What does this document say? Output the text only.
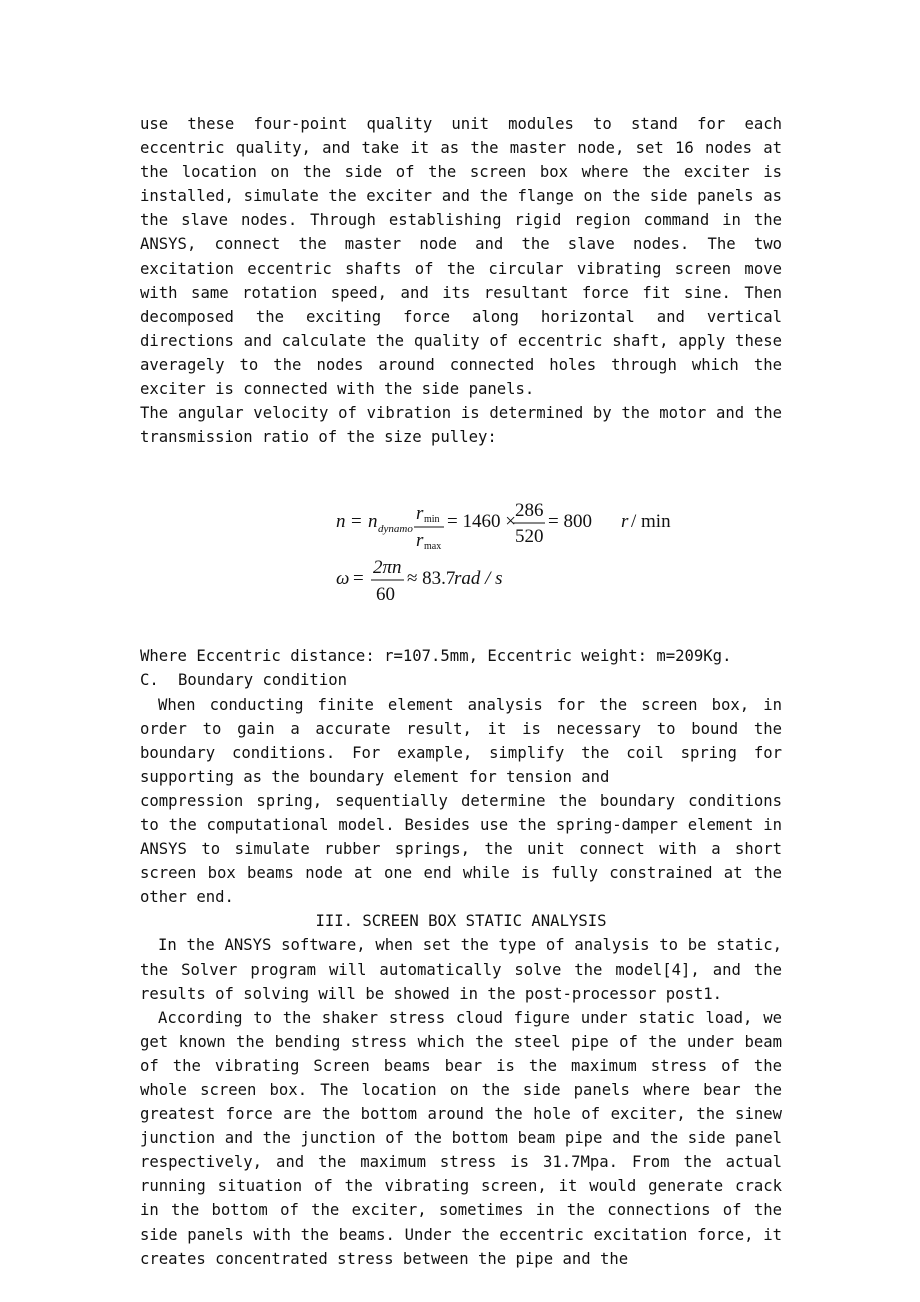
use these four-point quality unit modules to stand for each eccentric quality, and take it as the master node, set 16 nodes at the location on the side of the screen box where the exciter is installed, simulate the exciter and the flange on the side panels as the slave nodes. Through establishing rigid region command in the ANSYS, connect the master node and the slave nodes. The two excitation eccentric shafts of the circular vibrating screen move with same rotation speed, and its resultant force fit sine. Then decomposed the exciting force along horizontal and vertical directions and calculate the quality of eccentric shaft, apply these averagely to the nodes around connected holes through which the exciter is connected with the side panels.

The angular velocity of vibration is determined by the motor and the transmission ratio of the size pulley:

n = n dynamo
r min
r max
= 1460 ×
286
520
= 800 r / min
ω =
2πn
60
≈ 83.7
rad / s

Where Eccentric distance: r=107.5mm, Eccentric weight: m=209Kg.

C. Boundary condition

When conducting finite element analysis for the screen box, in order to gain a accurate result, it is necessary to bound the boundary conditions. For example, simplify the coil spring for supporting as the boundary element for tension and

compression spring, sequentially determine the boundary conditions to the computational model. Besides use the spring-damper element in ANSYS to simulate rubber springs, the unit connect with a short screen box beams node at one end while is fully constrained at the other end.

III. SCREEN BOX STATIC ANALYSIS

In the ANSYS software, when set the type of analysis to be static, the Solver program will automatically solve the model[4], and the results of solving will be showed in the post-processor post1.

According to the shaker stress cloud figure under static load, we get known the bending stress which the steel pipe of the under beam of the vibrating Screen beams bear is the maximum stress of the whole screen box. The location on the side panels where bear the greatest force are the bottom around the hole of exciter, the sinew junction and the junction of the bottom beam pipe and the side panel respectively, and the maximum stress is 31.7Mpa. From the actual running situation of the vibrating screen, it would generate crack in the bottom of the exciter, sometimes in the connections of the side panels with the beams. Under the eccentric excitation force, it creates concentrated stress between the pipe and the
